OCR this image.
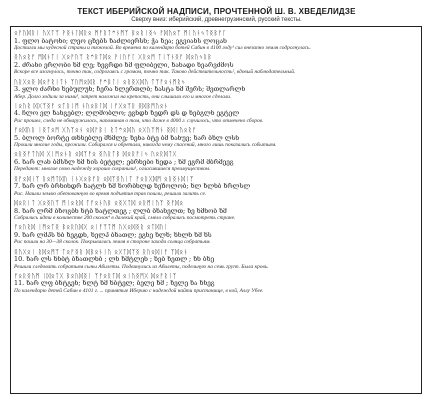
ТЕКСТ ИБЕРИЙСКОЙ НАДПИСИ, ПРОЧТЕННОЙ Ш. В. ХВЕДЕЛИДЗЕ
Сверху вниз: иберийский, древнегрузинский, русский тексты.
ᛟᚠᚢᛞᚱᛁ ᚢᚷᛏᛉ ᚹᛝᚾᛚᛞᚱᛟ ᛗᚠᚱᛏᛜᚾᛗᛉ ᛒᛟᚱᛁᛝᛃ ᚠᛞᚢᛟᛉ ᛗᛁᚢᚾᛃᛏᛝᛒᚠᛚ
1. ფლო ბატონი; ლეო ცხებს ხაძლიერსნ; ჭა ხეა; ეგვიანს ლოცან
Достигли мы чудесной страны и тяжелой. Во времена по календарю ботей Сабин в 4100 году¹ сил внезапно земля содрогнулась.
ᛝᚢᛟᚱᚠ ᛗᛞᚾᛏᛁ ᚷᛟᚠᚢᛉ ᚱᛜᛒᛏᛞᛟ ᚹᛁᚢᚠᛚ ᚷᚱᛟᛗ ᛏᛁᛉᚾᛝᚠ ᛞᛟᚢᛃᚱᛒ
2. ძრანი ერღობი ხმ ლე; ხეგრდი ხმ ფლიბელი, ხანადი ხეარვძმოს
Вскоре все изогнулось, точно так, содрогаясь с громом, точно так. Таково действительность², вдовый наблюдательный.
ᚢᚱᚷᛟᛝ ᛞᛟᚠᚱᛁᛏᚾ ᛉᚢᛗᛟᛞᚱ ᚠᛜᛒᛚᛁ ᛟᚱᛝᚷᛞᚢ ᛏᛉᚠᛟᚾᛗᚱᛃ
3. ყლო ძარნი ხებულუნ; ჩერა ხლერთლბ; ხასტა ხმ შერს; შეთლარლნ
Абер. Долго ходили за ними³, запрет наложил на крепость, они слышали его и многое сделали.
ᛁᛟᚢᚱ ᛞᚷᛉᛝᚠ ᛟᛏᚱᛁᛗ ᚾᚢᛟᛒᛚᛞ ᛁᚠᚷᛟᛉᚱ ᛝᛞᛒᛗᚢᛟᚾ
4. ჩლო ვლ ხანგებლ; ლლმობლო; ეგნდნ ხედრ დს დ ხებგლნ ეგტელ
Рис прошел, следа не обнаружилось, напоминая о том, что даже в 4000 г. случилось, что отмечено сборов.
ᚠᛟᛞᚢᚱ ᛁᛝᛏᛟᛗ ᚷᚢᛉᛟᚾ ᛟᛞᚠᛒᛁ ᚱᛏᛜᛟᛞᚢ ᛟᚷᚢᛉᛗᚾ ᛝᛞᛁᚢᛟᚱᚠ
5. ბლოლ ბორტე თხნებლე მხმლე; ხენა ბტე ბმ ხანუე; ხარ ბხლ ლსნ
Прошли многие годы, прожили. Собирался и обретали, никогда чему спасений, много лишь показались событьям.
ᛟᚱᛝᚠᛏᚢᛞ ᚷᛁᛗᛟᚾᚱ ᛟᛞᛉᚠᛟ ᛝᚢᚱᛏᛒ ᛞᛟᚱᚠᛁᛃ ᚢᛟᚱᛞᛏᚷ
6. ხარ ლან ბმსხლ ხმ ხის ბეტელ; ებრნები ხედა ; ხმ ეგრმ მბრმეეგ
Передают: многие свою надежду хорошо сохранили¹, огласившиеся преимуществом.
ᛝᚠᛟᛞᛁᛉ ᚱᛟᛗᛏᛞᚢ ᛁᚾᚷᛟᛒᚠᚱ ᛟᛞᛉᛝᚢᛁᛏ ᚠᛟᚱᚷᛞᛗ ᛟᚱᛝᚾᛞᛁᛉ
7. ხარ ლრ ბრნინდრ ხატლნ ხმ ხორბნლდ ხეზოლობ; ხლ ხლნბ ხრლსლ
Рис. Нашли землю обетованную во время подъятия трав пошли, решили залить се.
ᛞᛟᚱᛁᛏ ᚷᛟᛝᚢᛉ ᛗᛁᛟᚱᛞ ᛏᚠᛟᚾᚢᛒ ᛟᛝᚷᛏᛞ ᛟᚱᛗᛁᚢᛉ ᛝᚠᛞᛟ
8. ხარ ლრმ ბხოგბნ ხტბ ხატლთეგ ; ლლბ ბხანელთ; ხე ხმნობ ხმ
Собрались идти в количестве 200 сколок⁴ в далекий край, смело собрались посмотреть стране.
ᚠᛟᚢᚱᛞ ᛁᛗᛟᛏᛝ ᛒᛟᚱᚢᛞᚷ ᛟᛁᚠᛉᛏᛗ ᚢᚷᛟᛞᛝᚱ ᛟᛏᛞᚢᛁ
9. ხარ ლმპს ხბ ხეგდნ, ხელპ ბხათლ; ეგნე ხლხ; ხნლნ ხმ ხს
Рис пошли на 30—38 сколок. Покрывалась земля в стороне захода солнца собратьям.
ᛝᚢᚷᛟᛁ ᚱᛞᛟᛗᛉ ᛏᛟᚠᛝᚱ ᛞᛒᛟᚾᛁᚢ ᛟᚷᛏᛞᛉᛝ ᚱᚢᛟᛞᛁᚠ ᛉᛞᛟᚾ
10. ხარ ლს ხნბტ ბხათლნბ ; ლნ ხმტლენ ; ხებ ხეთლ ; ხნ ბხე
Решили следовать собратьям сыны Абилеты. Подвинулись из Абилеты, подельную на семь групп. Была кровь.
ᚠᛟᚱᛝᚢᛗ ᛁᛞᛟᛏᚷ ᛒᛟᚢᛞᛝᛁ ᛉᚠᛟᚱᛏᛞ ᛟᛁᚢᛝᛗᚷ ᛞᛟᚠᚱᛁᛉ
11. ხარ ლფ ბხტგენ; ხლტ ხმ ხბტელ; ბელე ხმ ; ხელე ხა ხნეგ
По календарю детей Сабин в 4101 г. ... принятые Иберию с надеждой найти пристанище, в кой, Аллу Убее.
